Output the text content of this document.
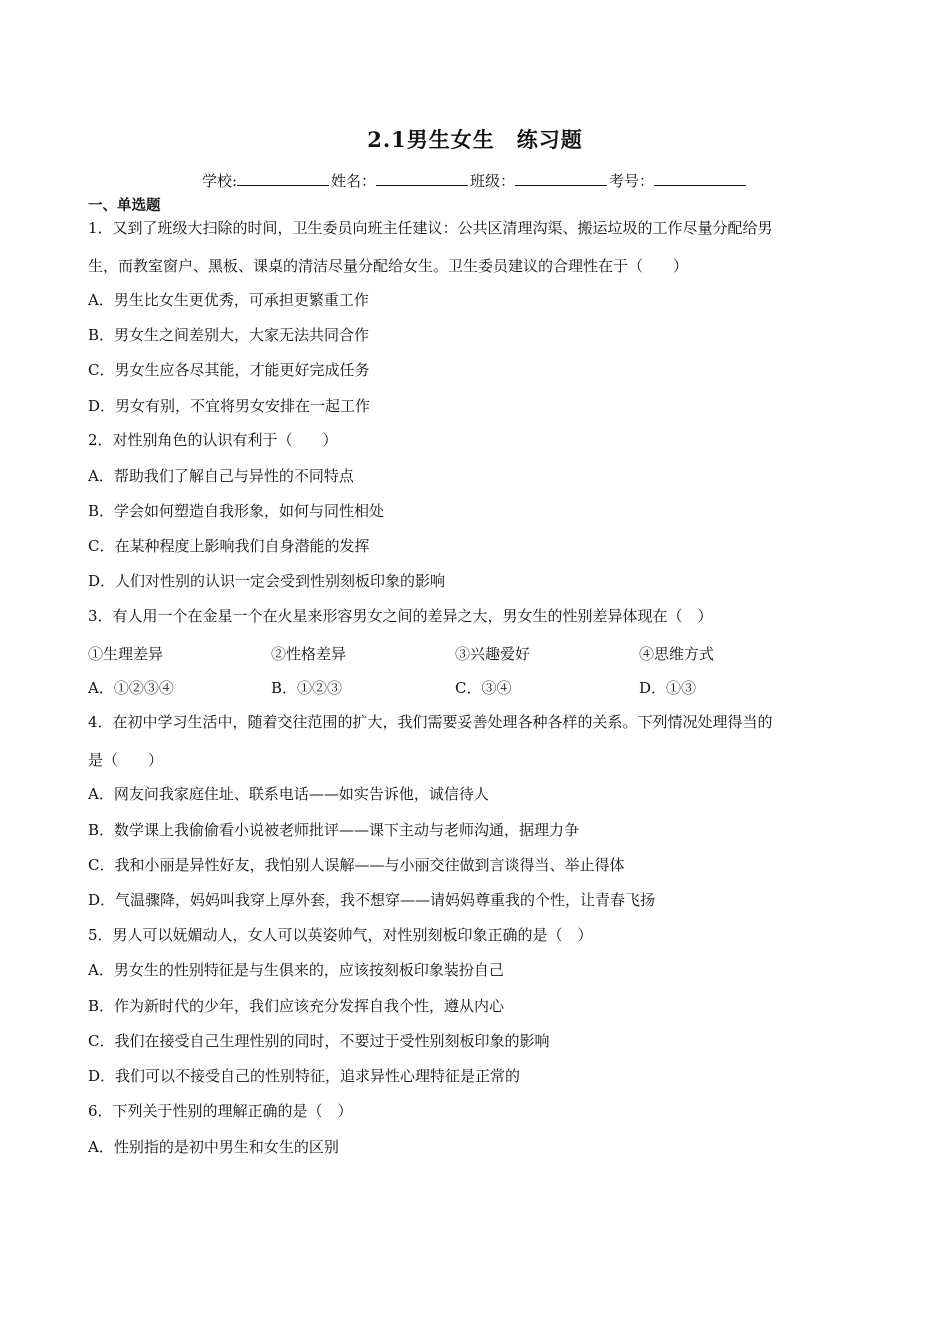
2.1男生女生 练习题
学校:	姓名：	班级：	考号：
一、单选题
1．又到了班级大扫除的时间，卫生委员向班主任建议：公共区清理沟渠、搬运垃圾的工作尽量分配给男
生，而教室窗户、黑板、课桌的清洁尽量分配给女生。卫生委员建议的合理性在于（　　）
A．男生比女生更优秀，可承担更繁重工作
B．男女生之间差别大，大家无法共同合作
C．男女生应各尽其能，才能更好完成任务
D．男女有别，不宜将男女安排在一起工作
2．对性别角色的认识有利于（　　）
A．帮助我们了解自己与异性的不同特点
B．学会如何塑造自我形象，如何与同性相处
C．在某种程度上影响我们自身潜能的发挥
D．人们对性别的认识一定会受到性别刻板印象的影响
3．有人用一个在金星一个在火星来形容男女之间的差异之大，男女生的性别差异体现在（　）
①生理差异	②性格差异	③兴趣爱好	④思维方式
A．①②③④	B．①②③	C．③④	D．①③
4．在初中学习生活中，随着交往范围的扩大，我们需要妥善处理各种各样的关系。下列情况处理得当的
是（　　）
A．网友问我家庭住址、联系电话——如实告诉他，诚信待人
B．数学课上我偷偷看小说被老师批评——课下主动与老师沟通，据理力争
C．我和小丽是异性好友，我怕别人误解——与小丽交往做到言谈得当、举止得体
D．气温骤降，妈妈叫我穿上厚外套，我不想穿——请妈妈尊重我的个性，让青春飞扬
5．男人可以妩媚动人，女人可以英姿帅气，对性别刻板印象正确的是（　）
A．男女生的性别特征是与生俱来的，应该按刻板印象装扮自己
B．作为新时代的少年，我们应该充分发挥自我个性，遵从内心
C．我们在接受自己生理性别的同时，不要过于受性别刻板印象的影响
D．我们可以不接受自己的性别特征，追求异性心理特征是正常的
6．下列关于性别的理解正确的是（　）
A．性别指的是初中男生和女生的区别
